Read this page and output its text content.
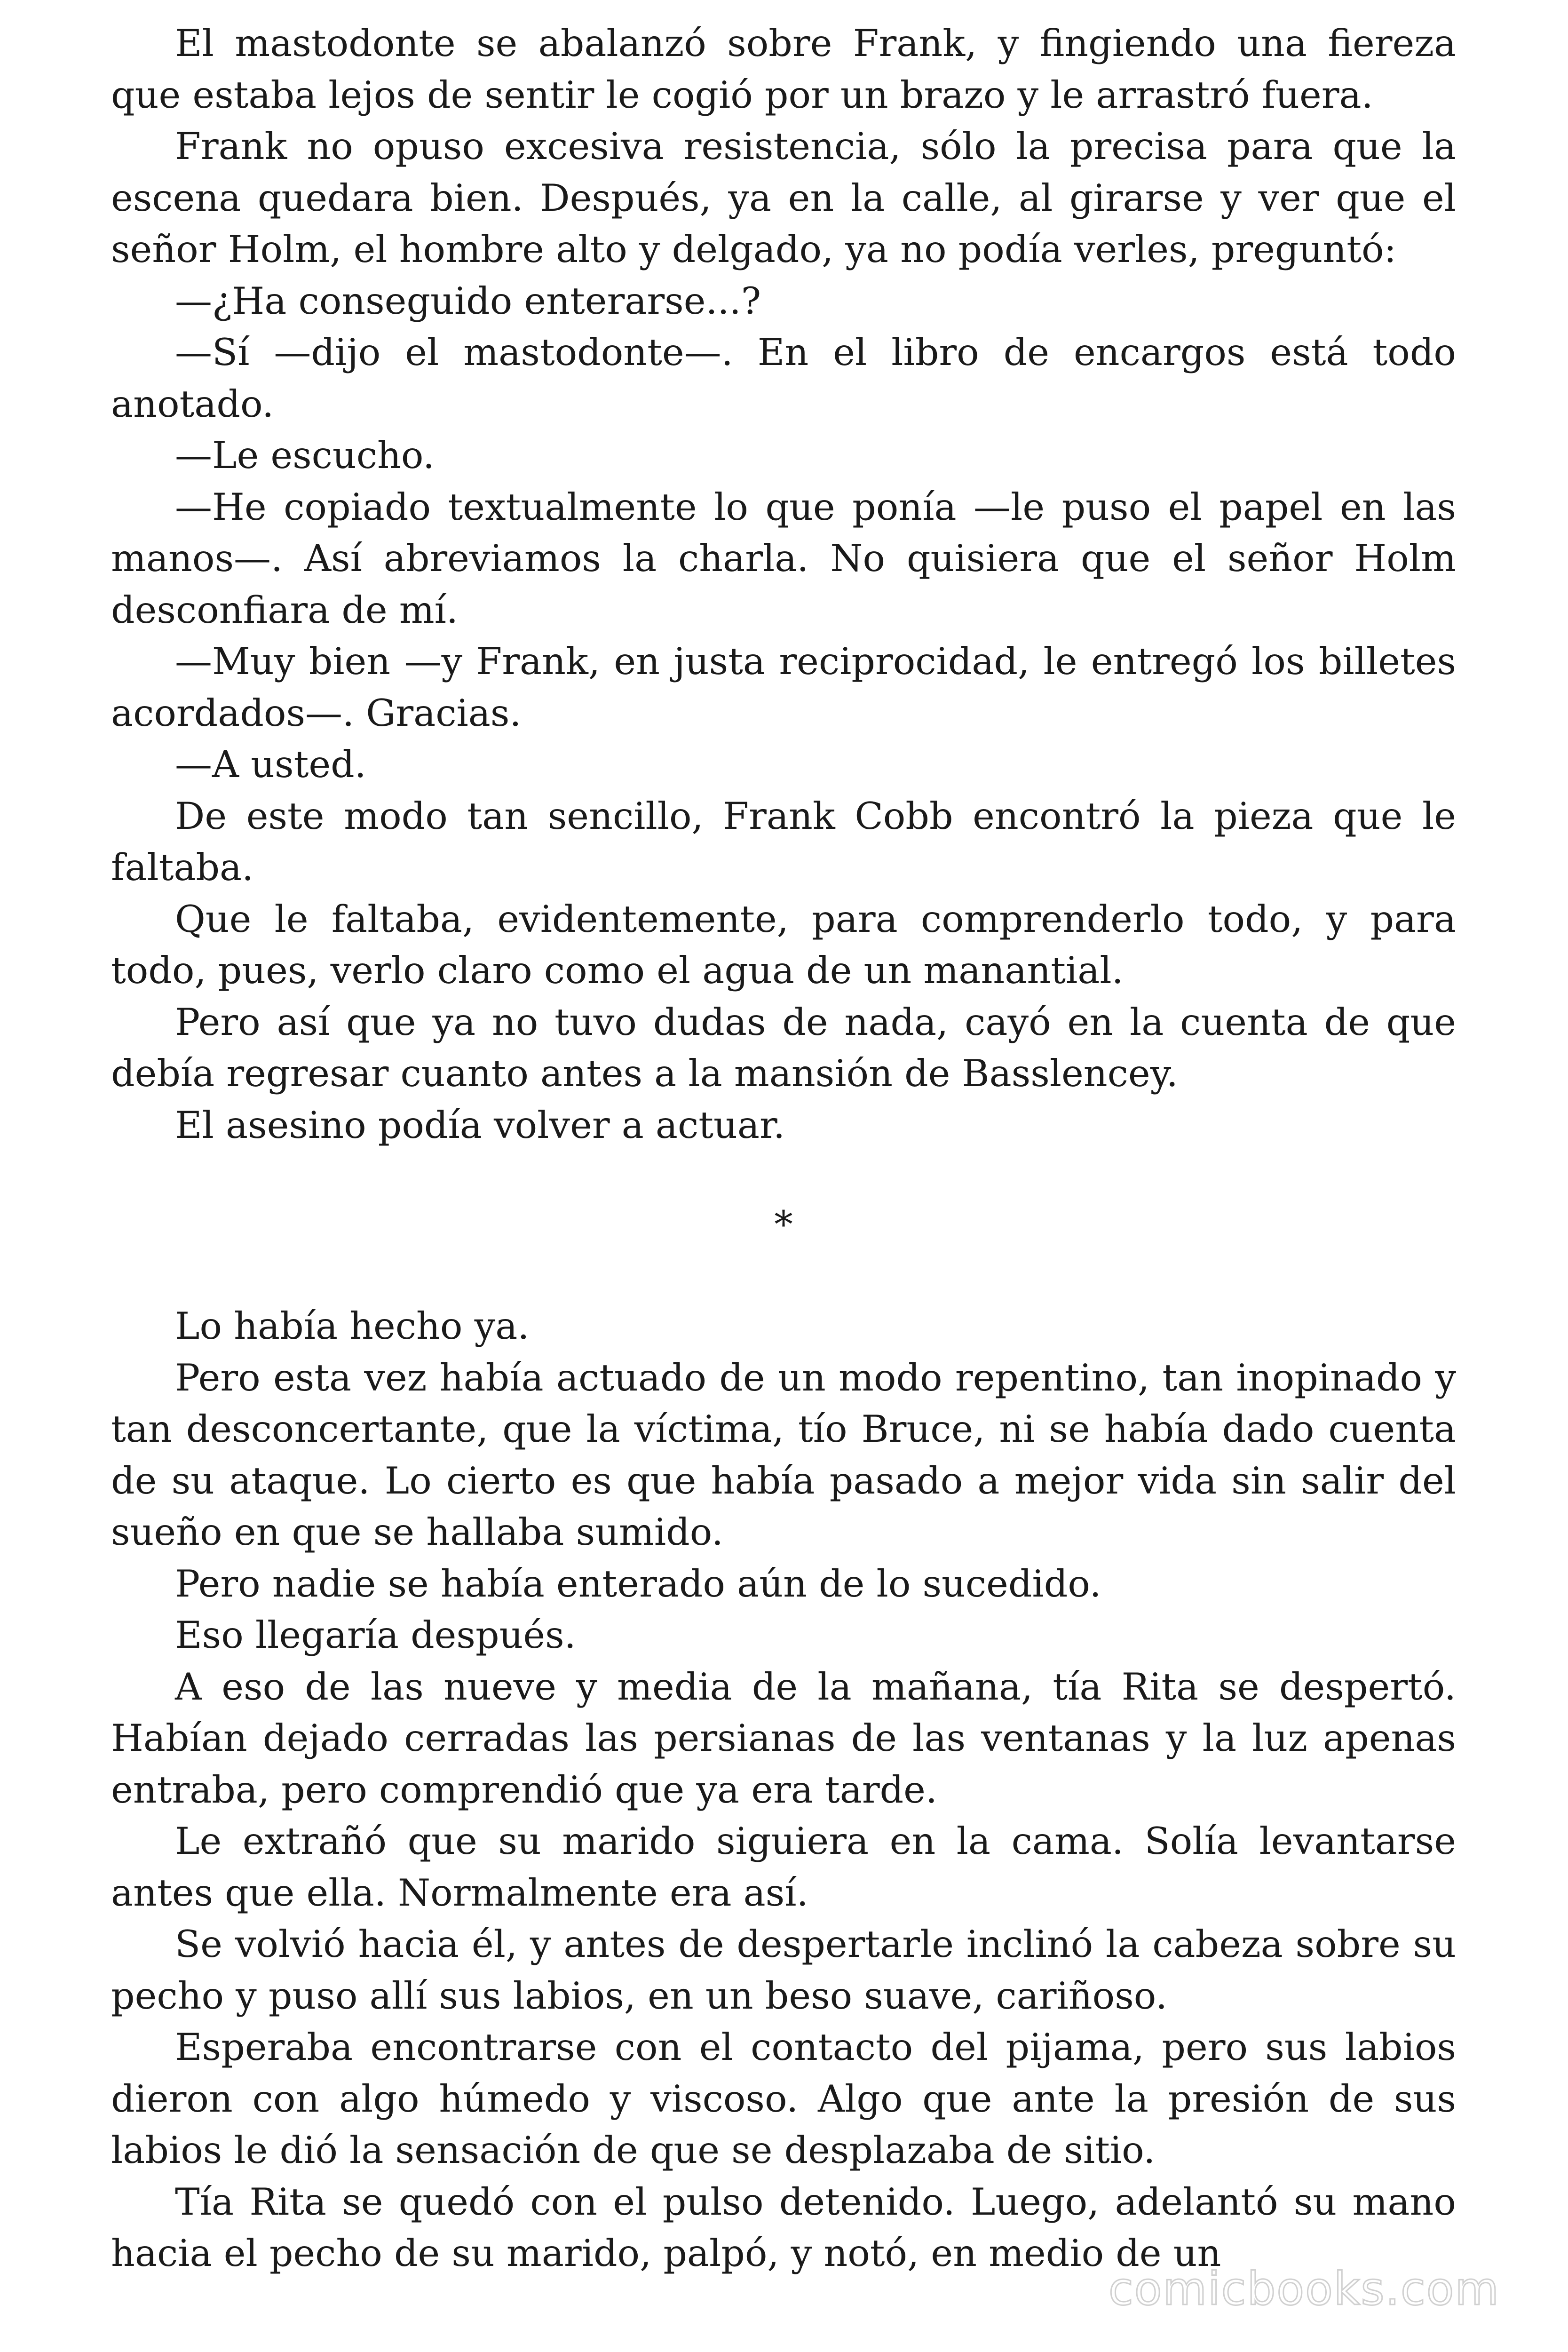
El mastodonte se abalanzó sobre Frank, y fingiendo una fiereza que estaba lejos de sentir le cogió por un brazo y le arrastró fuera.

Frank no opuso excesiva resistencia, sólo la precisa para que la escena quedara bien. Después, ya en la calle, al girarse y ver que el señor Holm, el hombre alto y delgado, ya no podía verles, preguntó:

—¿Ha conseguido enterarse...?

—Sí —dijo el mastodonte—. En el libro de encargos está todo anotado.

—Le escucho.

—He copiado textualmente lo que ponía —le puso el papel en las manos—. Así abreviamos la charla. No quisiera que el señor Holm desconfiara de mí.

—Muy bien —y Frank, en justa reciprocidad, le entregó los billetes acordados—. Gracias.

—A usted.

De este modo tan sencillo, Frank Cobb encontró la pieza que le faltaba.

Que le faltaba, evidentemente, para comprenderlo todo, y para todo, pues, verlo claro como el agua de un manantial.

Pero así que ya no tuvo dudas de nada, cayó en la cuenta de que debía regresar cuanto antes a la mansión de Basslencey.

El asesino podía volver a actuar.

*

Lo había hecho ya.

Pero esta vez había actuado de un modo repentino, tan inopinado y tan desconcertante, que la víctima, tío Bruce, ni se había dado cuenta de su ataque. Lo cierto es que había pasado a mejor vida sin salir del sueño en que se hallaba sumido.

Pero nadie se había enterado aún de lo sucedido.

Eso llegaría después.

A eso de las nueve y media de la mañana, tía Rita se despertó. Habían dejado cerradas las persianas de las ventanas y la luz apenas entraba, pero comprendió que ya era tarde.

Le extrañó que su marido siguiera en la cama. Solía levantarse antes que ella. Normalmente era así.

Se volvió hacia él, y antes de despertarle inclinó la cabeza sobre su pecho y puso allí sus labios, en un beso suave, cariñoso.

Esperaba encontrarse con el contacto del pijama, pero sus labios dieron con algo húmedo y viscoso. Algo que ante la presión de sus labios le dió la sensación de que se desplazaba de sitio.

Tía Rita se quedó con el pulso detenido. Luego, adelantó su mano hacia el pecho de su marido, palpó, y notó, en medio de un

comicbooks.com
